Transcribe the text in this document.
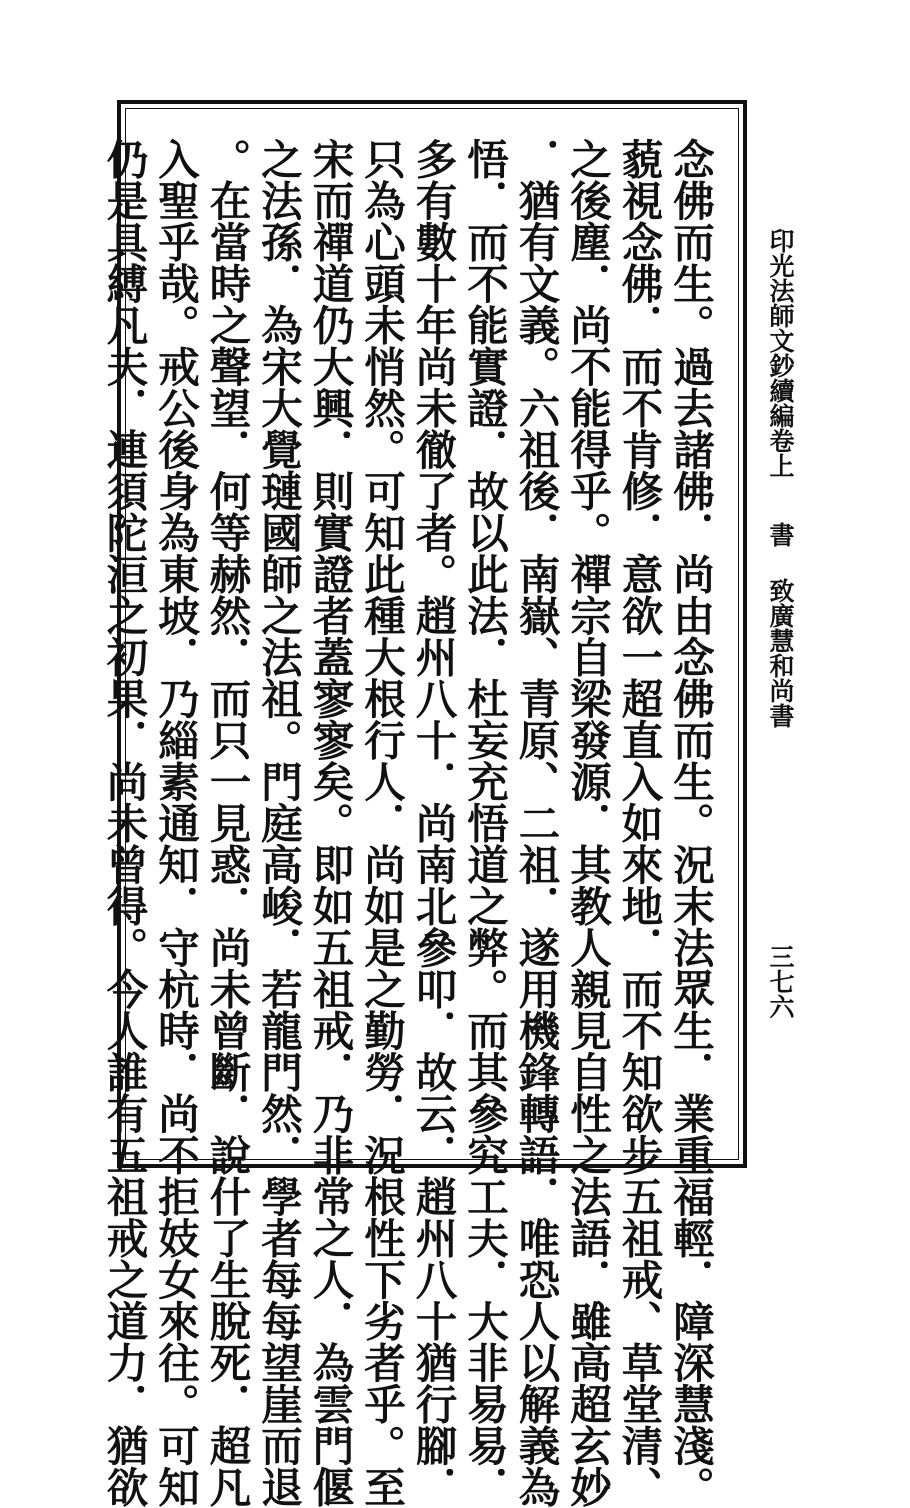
印光法師文鈔續編卷上
書
致廣慧和尚書
三七六
念佛而生。過去諸佛．尚由念佛而生。況末法眾生．業重福輕．障深慧淺。
藐視念佛．而不肯修．意欲一超直入如來地．而不知欲步五祖戒、草堂清、
之後塵．尚不能得乎。禪宗自梁發源．其教人親見自性之法語．雖高超玄妙
．猶有文義。六祖後．南嶽、青原、二祖．遂用機鋒轉語．唯恐人以解義為
悟．而不能實證．故以此法．杜妄充悟道之弊。而其參究工夫．大非易易．
多有數十年尚未徹了者。趙州八十．尚南北參叩．故云．趙州八十猶行腳．
只為心頭未悄然。可知此種大根行人．尚如是之勤勞．況根性下劣者乎。至
宋而禪道仍大興．則實證者蓋寥寥矣。即如五祖戒．乃非常之人．為雲門偃
之法孫．為宋大覺璉國師之法祖。門庭高峻．若龍門然．學者每每望崖而退
。在當時之聲望．何等赫然．而只一見惑．尚未曾斷．說什了生脫死．超凡
入聖乎哉。戒公後身為東坡．乃緇素通知．守杭時．尚不拒妓女來往。可知
仍是具縛凡夫．連須陀洹之初果．尚未曾得。今人誰有五祖戒之道力．猶欲
